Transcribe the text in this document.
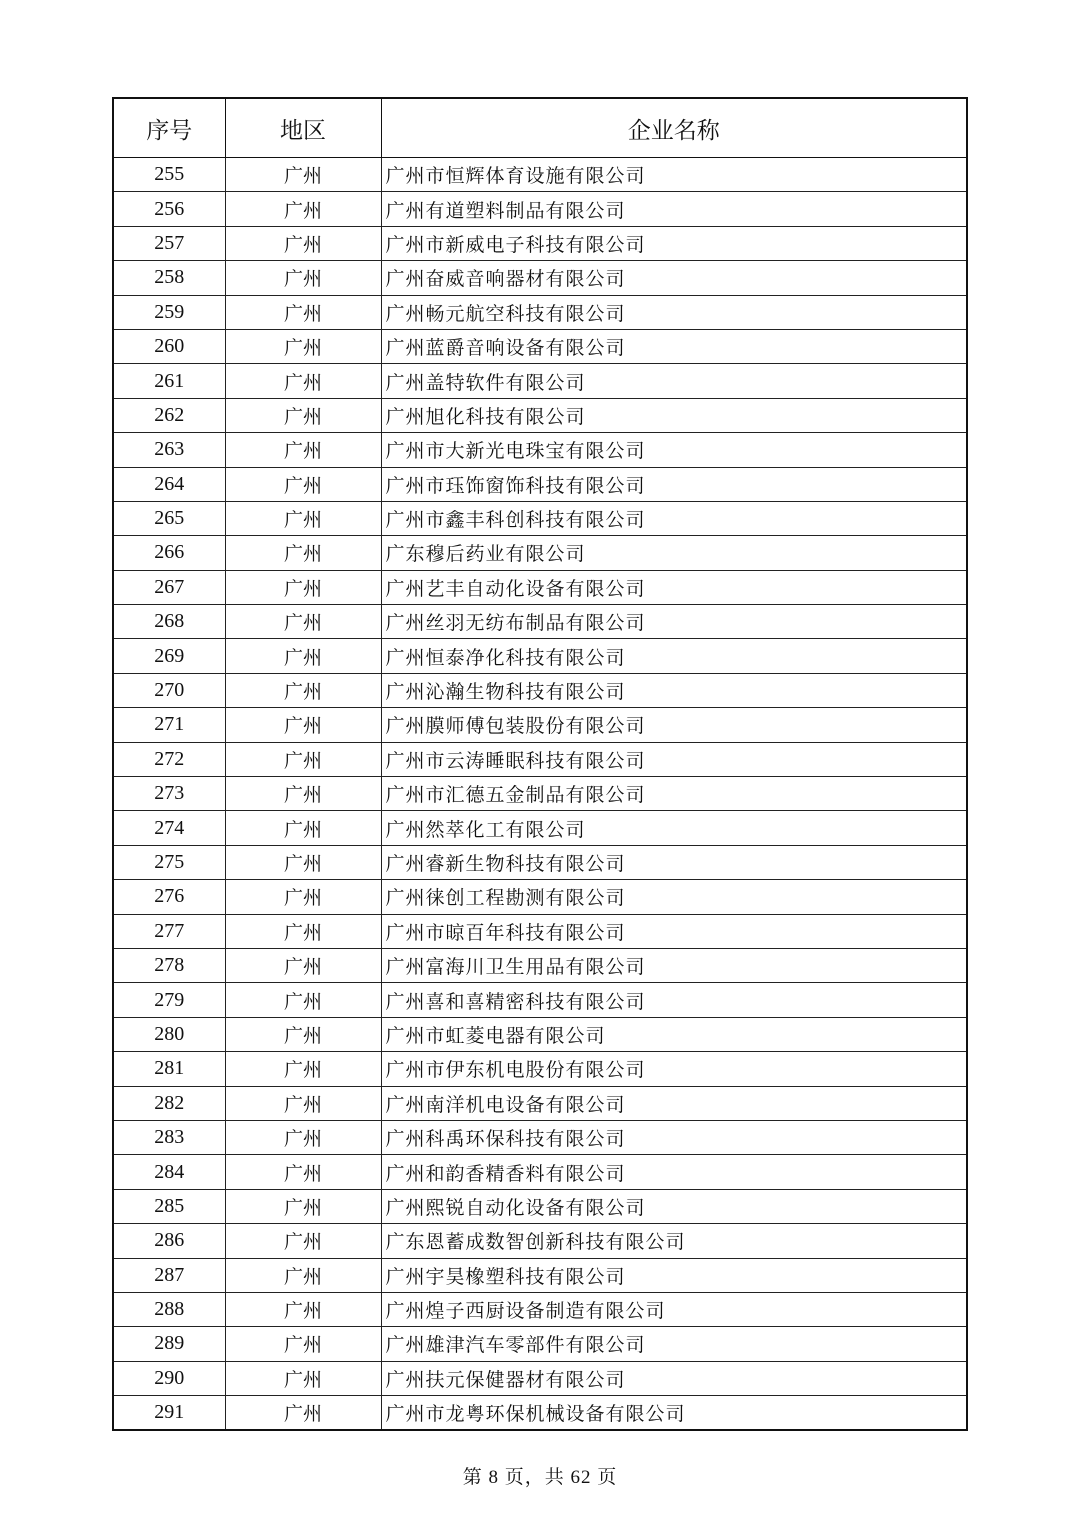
序号	地区	企业名称
255	广州	广州市恒辉体育设施有限公司
256	广州	广州有道塑料制品有限公司
257	广州	广州市新威电子科技有限公司
258	广州	广州奋威音响器材有限公司
259	广州	广州畅元航空科技有限公司
260	广州	广州蓝爵音响设备有限公司
261	广州	广州盖特软件有限公司
262	广州	广州旭化科技有限公司
263	广州	广州市大新光电珠宝有限公司
264	广州	广州市珏饰窗饰科技有限公司
265	广州	广州市鑫丰科创科技有限公司
266	广州	广东穆后药业有限公司
267	广州	广州艺丰自动化设备有限公司
268	广州	广州丝羽无纺布制品有限公司
269	广州	广州恒泰净化科技有限公司
270	广州	广州沁瀚生物科技有限公司
271	广州	广州膜师傅包装股份有限公司
272	广州	广州市云涛睡眠科技有限公司
273	广州	广州市汇德五金制品有限公司
274	广州	广州然萃化工有限公司
275	广州	广州睿新生物科技有限公司
276	广州	广州徕创工程勘测有限公司
277	广州	广州市晾百年科技有限公司
278	广州	广州富海川卫生用品有限公司
279	广州	广州喜和喜精密科技有限公司
280	广州	广州市虹菱电器有限公司
281	广州	广州市伊东机电股份有限公司
282	广州	广州南洋机电设备有限公司
283	广州	广州科禹环保科技有限公司
284	广州	广州和韵香精香料有限公司
285	广州	广州熙锐自动化设备有限公司
286	广州	广东恩蓄成数智创新科技有限公司
287	广州	广州宇昊橡塑科技有限公司
288	广州	广州煌子西厨设备制造有限公司
289	广州	广州雄津汽车零部件有限公司
290	广州	广州扶元保健器材有限公司
291	广州	广州市龙粤环保机械设备有限公司
第 8 页，共 62 页
